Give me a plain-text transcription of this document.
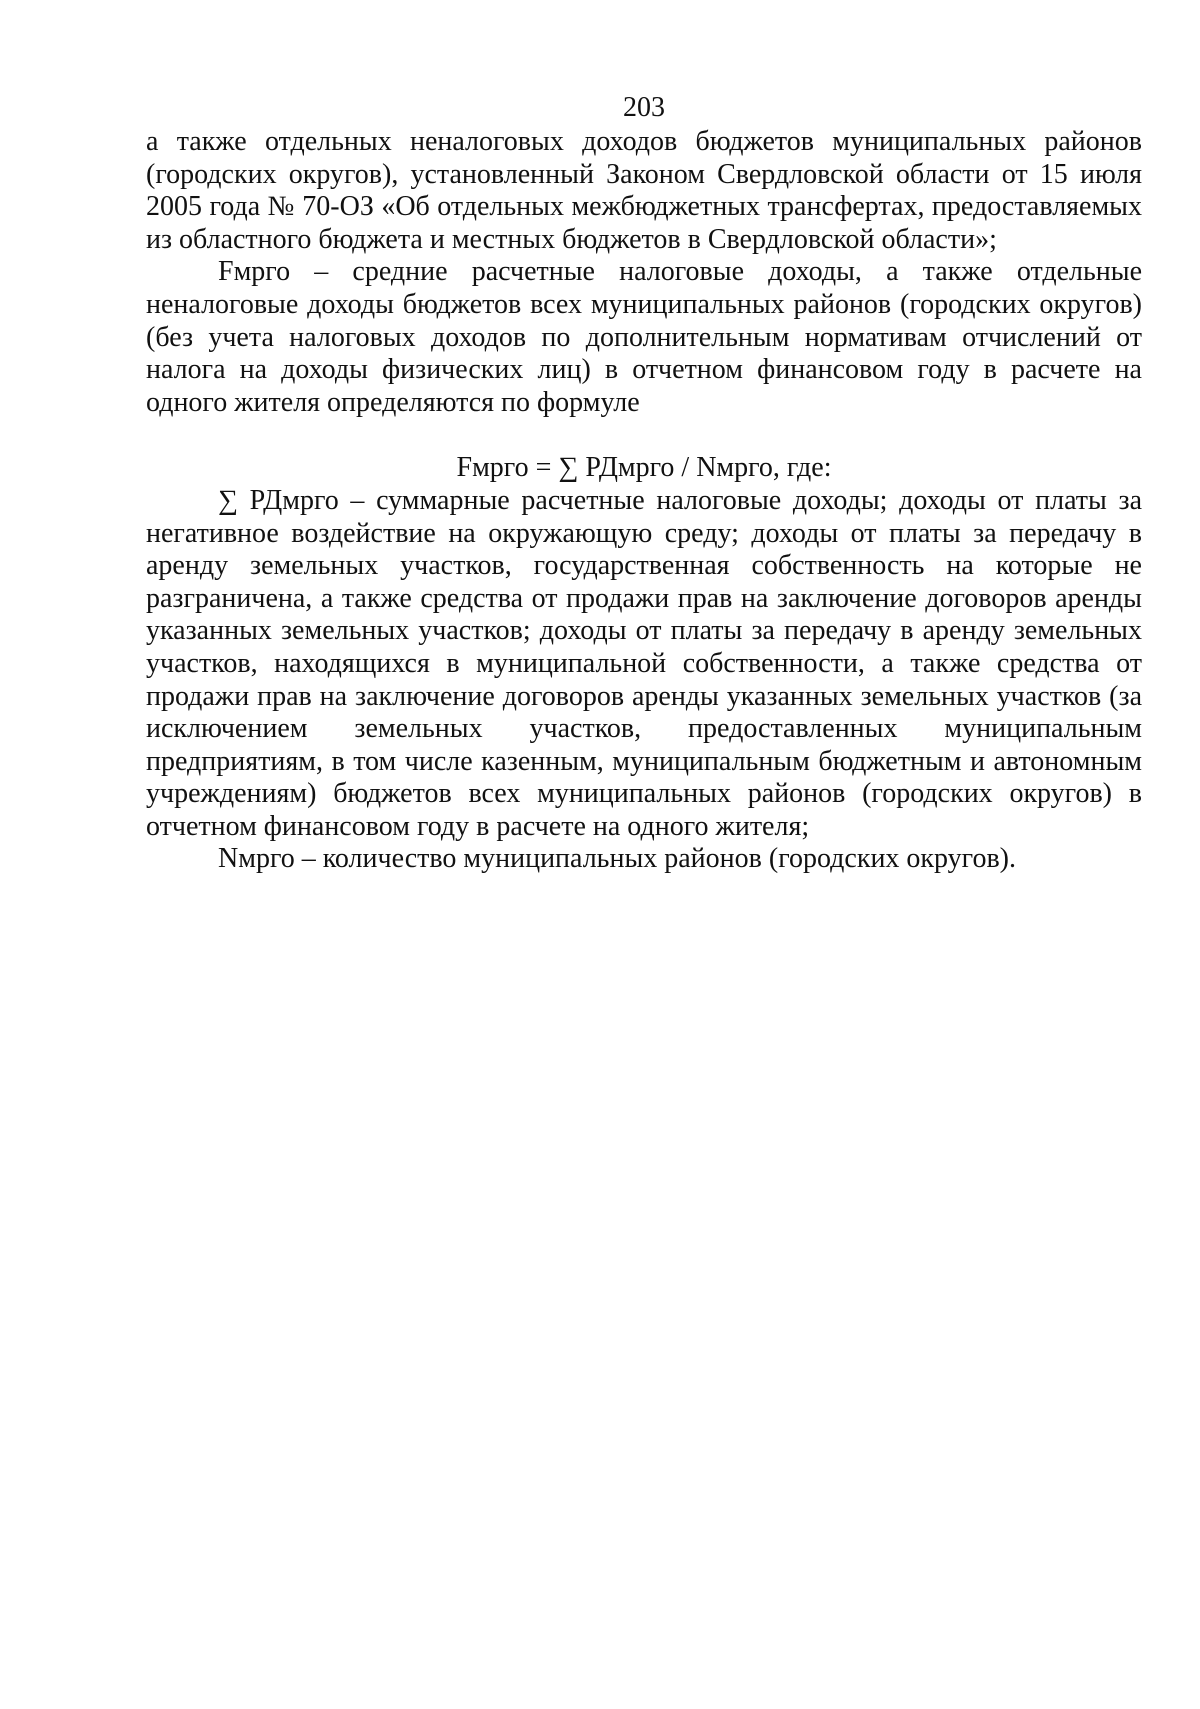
203

а также отдельных неналоговых доходов бюджетов муниципальных районов (городских округов), установленный Законом Свердловской области от 15 июля 2005 года № 70-ОЗ «Об отдельных межбюджетных трансфертах, предоставляемых из областного бюджета и местных бюджетов в Свердловской области»;

Fмрго – средние расчетные налоговые доходы, а также отдельные неналоговые доходы бюджетов всех муниципальных районов (городских округов) (без учета налоговых доходов по дополнительным нормативам отчислений от налога на доходы физических лиц) в отчетном финансовом году в расчете на одного жителя определяются по формуле

Fмрго = ∑ РДмрго / Nмрго, где:

∑ РДмрго – суммарные расчетные налоговые доходы; доходы от платы за негативное воздействие на окружающую среду; доходы от платы за передачу в аренду земельных участков, государственная собственность на которые не разграничена, а также средства от продажи прав на заключение договоров аренды указанных земельных участков; доходы от платы за передачу в аренду земельных участков, находящихся в муниципальной собственности, а также средства от продажи прав на заключение договоров аренды указанных земельных участков (за исключением земельных участков, предоставленных муниципальным предприятиям, в том числе казенным, муниципальным бюджетным и автономным учреждениям) бюджетов всех муниципальных районов (городских округов) в отчетном финансовом году в расчете на одного жителя;

Nмрго – количество муниципальных районов (городских округов).
